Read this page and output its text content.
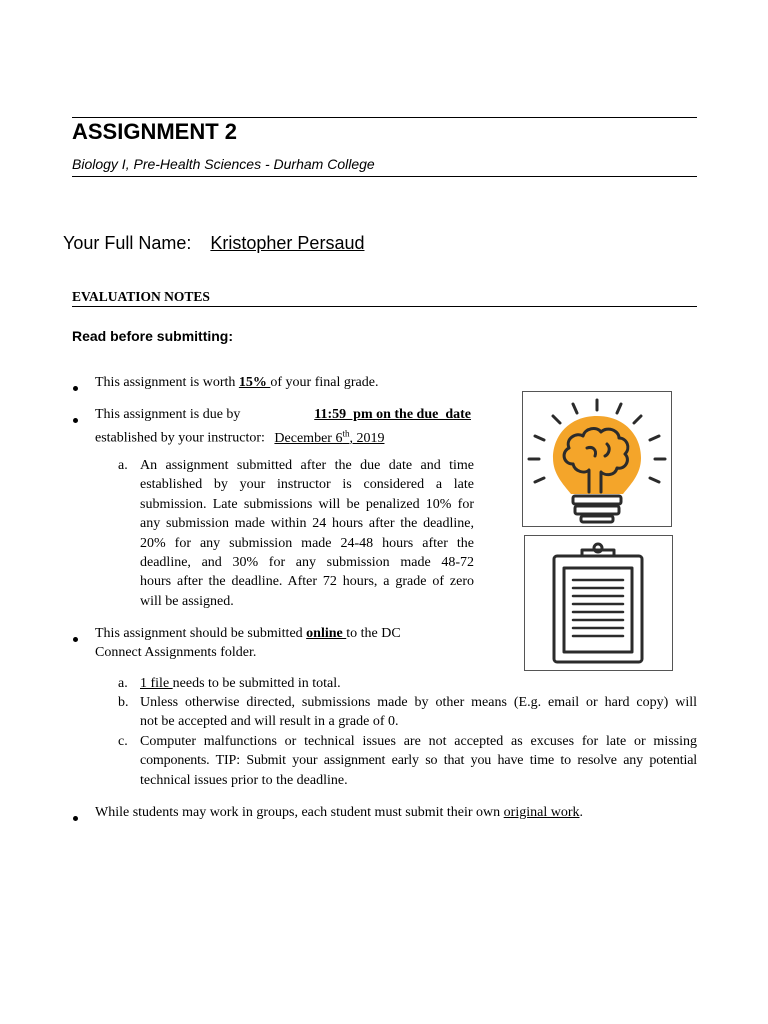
ASSIGNMENT 2
Biology I, Pre-Health Sciences - Durham College
Your Full Name: Kristopher Persaud
EVALUATION NOTES
Read before submitting:
This assignment is worth 15% of your final grade.
This assignment is due by	11:59  pm on the due  date
established by your instructor: December 6th, 2019
a. An assignment submitted after the due date and time
established by your instructor is considered a late
submission. Late submissions will be penalized 10% for
any submission made within 24 hours after the deadline,
20% for any submission made 24-48 hours after the
deadline, and 30% for any submission made 48-72
hours after the deadline. After 72 hours, a grade of zero
will be assigned.
This assignment should be submitted online to the DC
Connect Assignments folder.
a. 1 file needs to be submitted in total.
b. Unless otherwise directed, submissions made by other means (E.g. email or hard copy) will
not be accepted and will result in a grade of 0.
c. Computer malfunctions or technical issues are not accepted as excuses for late or missing
components. TIP: Submit your assignment early so that you have time to resolve any potential
technical issues prior to the deadline.
While students may work in groups, each student must submit their own original work.
